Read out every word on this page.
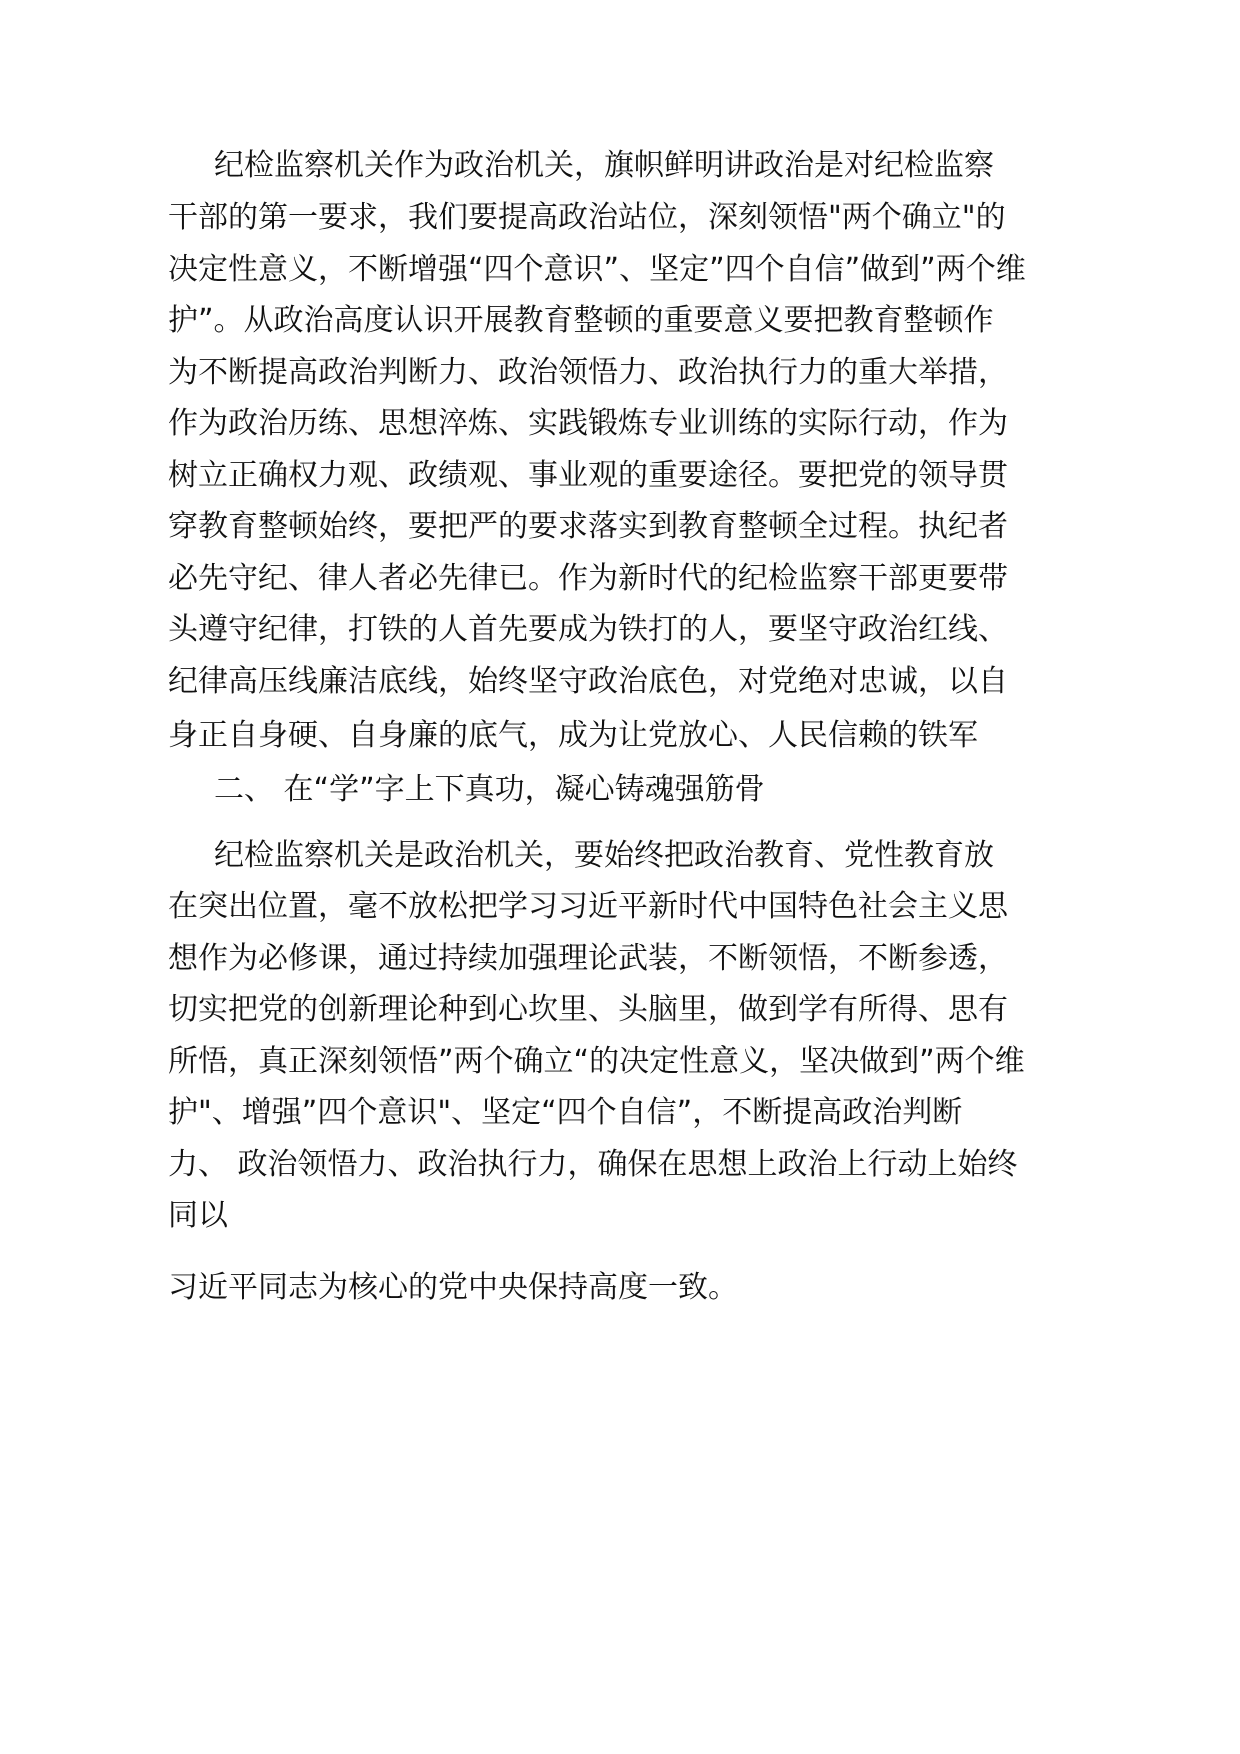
纪检监察机关作为政治机关，旗帜鲜明讲政治是对纪检监察
干部的第一要求，我们要提高政治站位，深刻领悟"两个确立"的
决定性意义，不断增强“四个意识”、坚定”四个自信”做到”两个维
护”。从政治高度认识开展教育整顿的重要意义要把教育整顿作
为不断提高政治判断力、政治领悟力、政治执行力的重大举措，
作为政治历练、思想淬炼、实践锻炼专业训练的实际行动，作为
树立正确权力观、政绩观、事业观的重要途径。要把党的领导贯
穿教育整顿始终，要把严的要求落实到教育整顿全过程。执纪者
必先守纪、律人者必先律已。作为新时代的纪检监察干部更要带
头遵守纪律，打铁的人首先要成为铁打的人，要坚守政治红线、
纪律高压线廉洁底线，始终坚守政治底色，对党绝对忠诚，以自
身正自身硬、自身廉的底气，成为让党放心、人民信赖的铁军
二、 在“学”字上下真功，凝心铸魂强筋骨
纪检监察机关是政治机关，要始终把政治教育、党性教育放
在突出位置，毫不放松把学习习近平新时代中国特色社会主义思
想作为必修课，通过持续加强理论武装，不断领悟，不断参透，
切实把党的创新理论种到心坎里、头脑里，做到学有所得、思有
所悟，真正深刻领悟”两个确立“的决定性意义，坚决做到”两个维
护"、增强”四个意识"、坚定“四个自信”，不断提高政治判断
力、 政治领悟力、政治执行力，确保在思想上政治上行动上始终
同以
习近平同志为核心的党中央保持高度一致。
